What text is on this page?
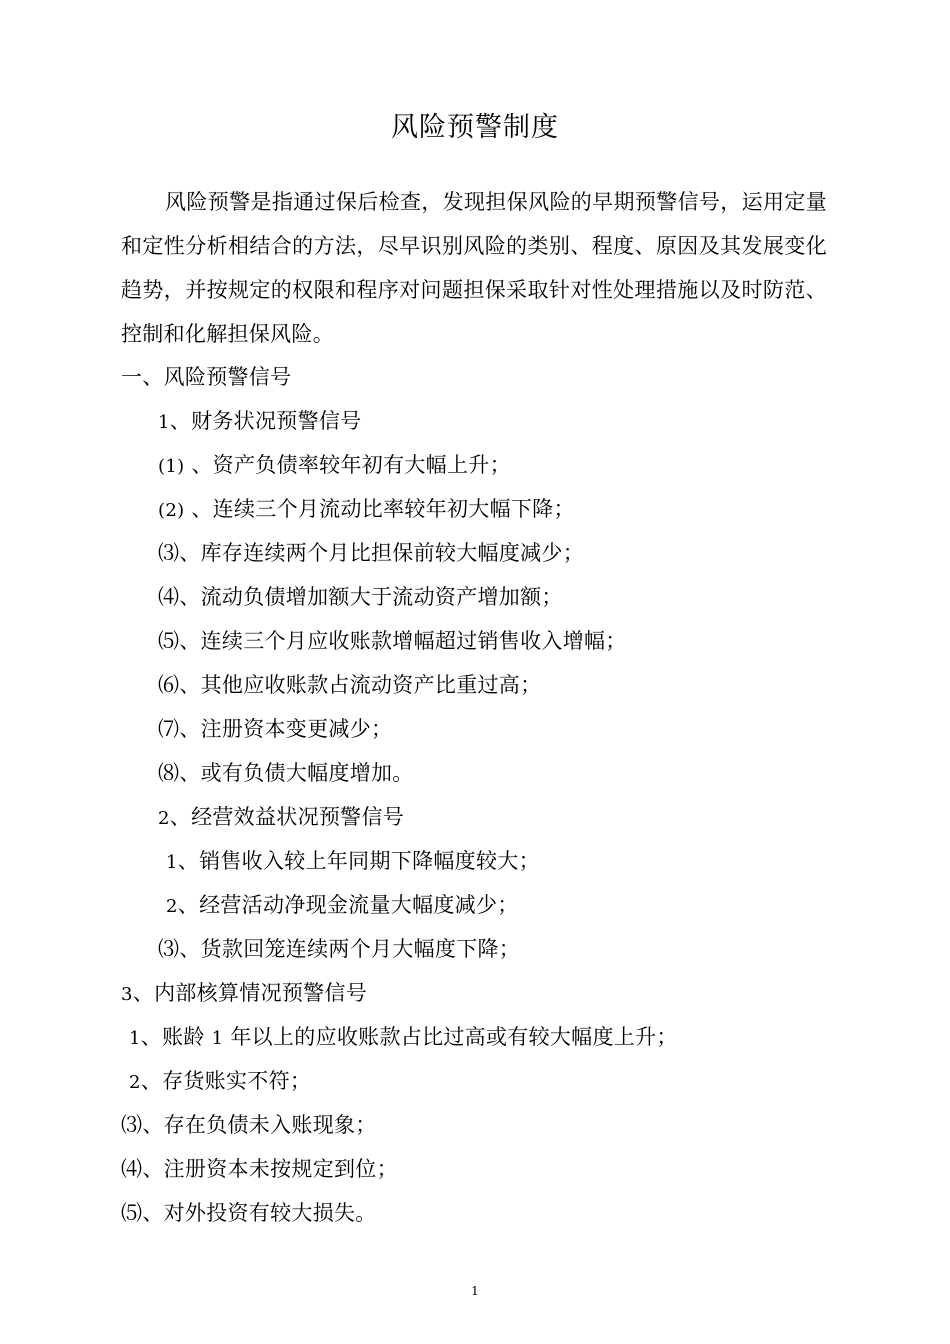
风险预警制度
风险预警是指通过保后检查，发现担保风险的早期预警信号，运用定量和定性分析相结合的方法，尽早识别风险的类别、程度、原因及其发展变化趋势，并按规定的权限和程序对问题担保采取针对性处理措施以及时防范、控制和化解担保风险。
一、风险预警信号
1、财务状况预警信号
(1) 、资产负债率较年初有大幅上升；
(2) 、连续三个月流动比率较年初大幅下降；
⑶、库存连续两个月比担保前较大幅度减少；
⑷、流动负债增加额大于流动资产增加额；
⑸、连续三个月应收账款增幅超过销售收入增幅；
⑹、其他应收账款占流动资产比重过高；
⑺、注册资本变更减少；
⑻、或有负债大幅度增加。
2、经营效益状况预警信号
1、销售收入较上年同期下降幅度较大；
2、经营活动净现金流量大幅度减少；
⑶、货款回笼连续两个月大幅度下降；
3、内部核算情况预警信号
1、账龄 1 年以上的应收账款占比过高或有较大幅度上升；
2、存货账实不符；
⑶、存在负债未入账现象；
⑷、注册资本未按规定到位；
⑸、对外投资有较大损失。
1
